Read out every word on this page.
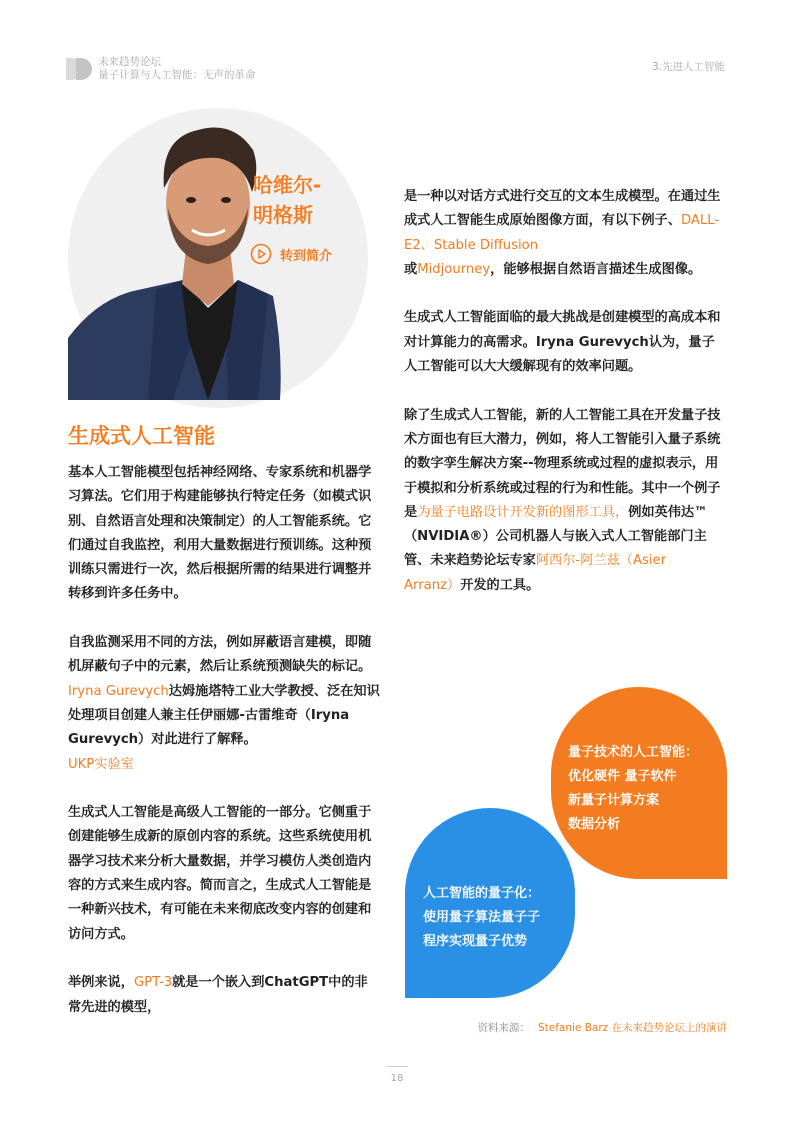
未来趋势论坛
量子计算与人工智能：无声的革命
3.先进人工智能
哈维尔-
明格斯
转到简介
生成式人工智能

基本人工智能模型包括神经网络、专家系统和机器学习算法。它们用于构建能够执行特定任务（如模式识别、自然语言处理和决策制定）的人工智能系统。它们通过自我监控，利用大量数据进行预训练。这种预训练只需进行一次，然后根据所需的结果进行调整并转移到许多任务中。

自我监测采用不同的方法，例如屏蔽语言建模，即随机屏蔽句子中的元素，然后让系统预测缺失的标记。Iryna Gurevych达姆施塔特工业大学教授、泛在知识处理项目创建人兼主任伊丽娜-古雷维奇（Iryna Gurevych）对此进行了解释。
UKP实验室

生成式人工智能是高级人工智能的一部分。它侧重于创建能够生成新的原创内容的系统。这些系统使用机器学习技术来分析大量数据，并学习模仿人类创造内容的方式来生成内容。简而言之，生成式人工智能是一种新兴技术，有可能在未来彻底改变内容的创建和访问方式。

举例来说，GPT-3就是一个嵌入到ChatGPT中的非常先进的模型，

是一种以对话方式进行交互的文本生成模型。在通过生成式人工智能生成原始图像方面，有以下例子、DALL-E2、Stable Diffusion
或Midjourney，能够根据自然语言描述生成图像。

生成式人工智能面临的最大挑战是创建模型的高成本和对计算能力的高需求。Iryna Gurevych认为，量子人工智能可以大大缓解现有的效率问题。

除了生成式人工智能，新的人工智能工具在开发量子技术方面也有巨大潜力，例如，将人工智能引入量子系统的数字孪生解决方案--物理系统或过程的虚拟表示，用于模拟和分析系统或过程的行为和性能。其中一个例子是为量子电路设计开发新的图形工具，例如英伟达™（NVIDIA®）公司机器人与嵌入式人工智能部门主管、未来趋势论坛专家阿西尔-阿兰兹（Asier　Arranz）开发的工具。

量子技术的人工智能：
优化硬件 量子软件
新量子计算方案
数据分析
人工智能的量子化：
使用量子算法量子子
程序实现量子优势
资料来源： Stefanie Barz 在未来趋势论坛上的演讲
18
